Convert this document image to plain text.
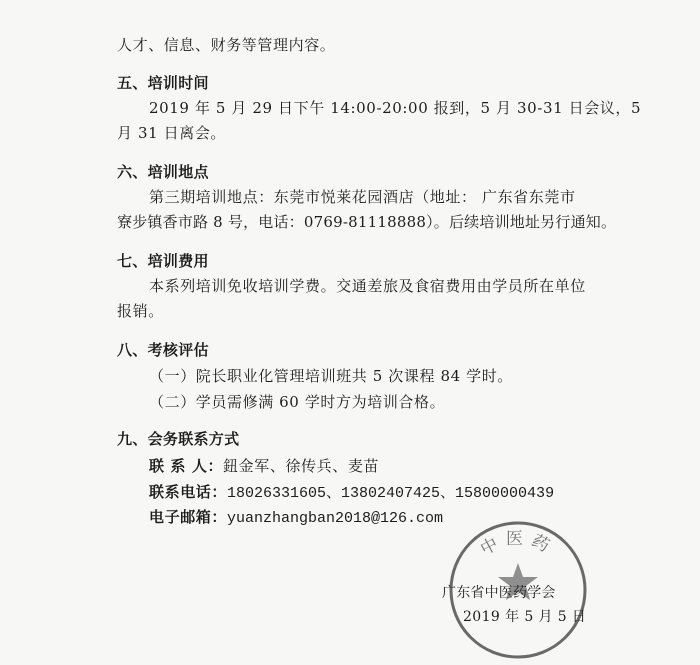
人才、信息、财务等管理内容。
五、培训时间
2019 年 5 月 29 日下午 14:00-20:00 报到，5 月 30-31 日会议，5
月 31 日离会。
六、培训地点
第三期培训地点：东莞市悦莱花园酒店（地址： 广东省东莞市
寮步镇香市路 8 号，电话：0769-81118888）。后续培训地址另行通知。
七、培训费用
本系列培训免收培训学费。交通差旅及食宿费用由学员所在单位
报销。
八、考核评估
（一）院长职业化管理培训班共 5 次课程 84 学时。
（二）学员需修满 60 学时方为培训合格。
九、会务联系方式
联 系 人：鈕金军、徐传兵、麦苗
联系电话：18026331605、13802407425、15800000439
电子邮箱：yuanzhangban2018@126.com
中医药
广东省中医药学会
2019 年 5 月 5 日
